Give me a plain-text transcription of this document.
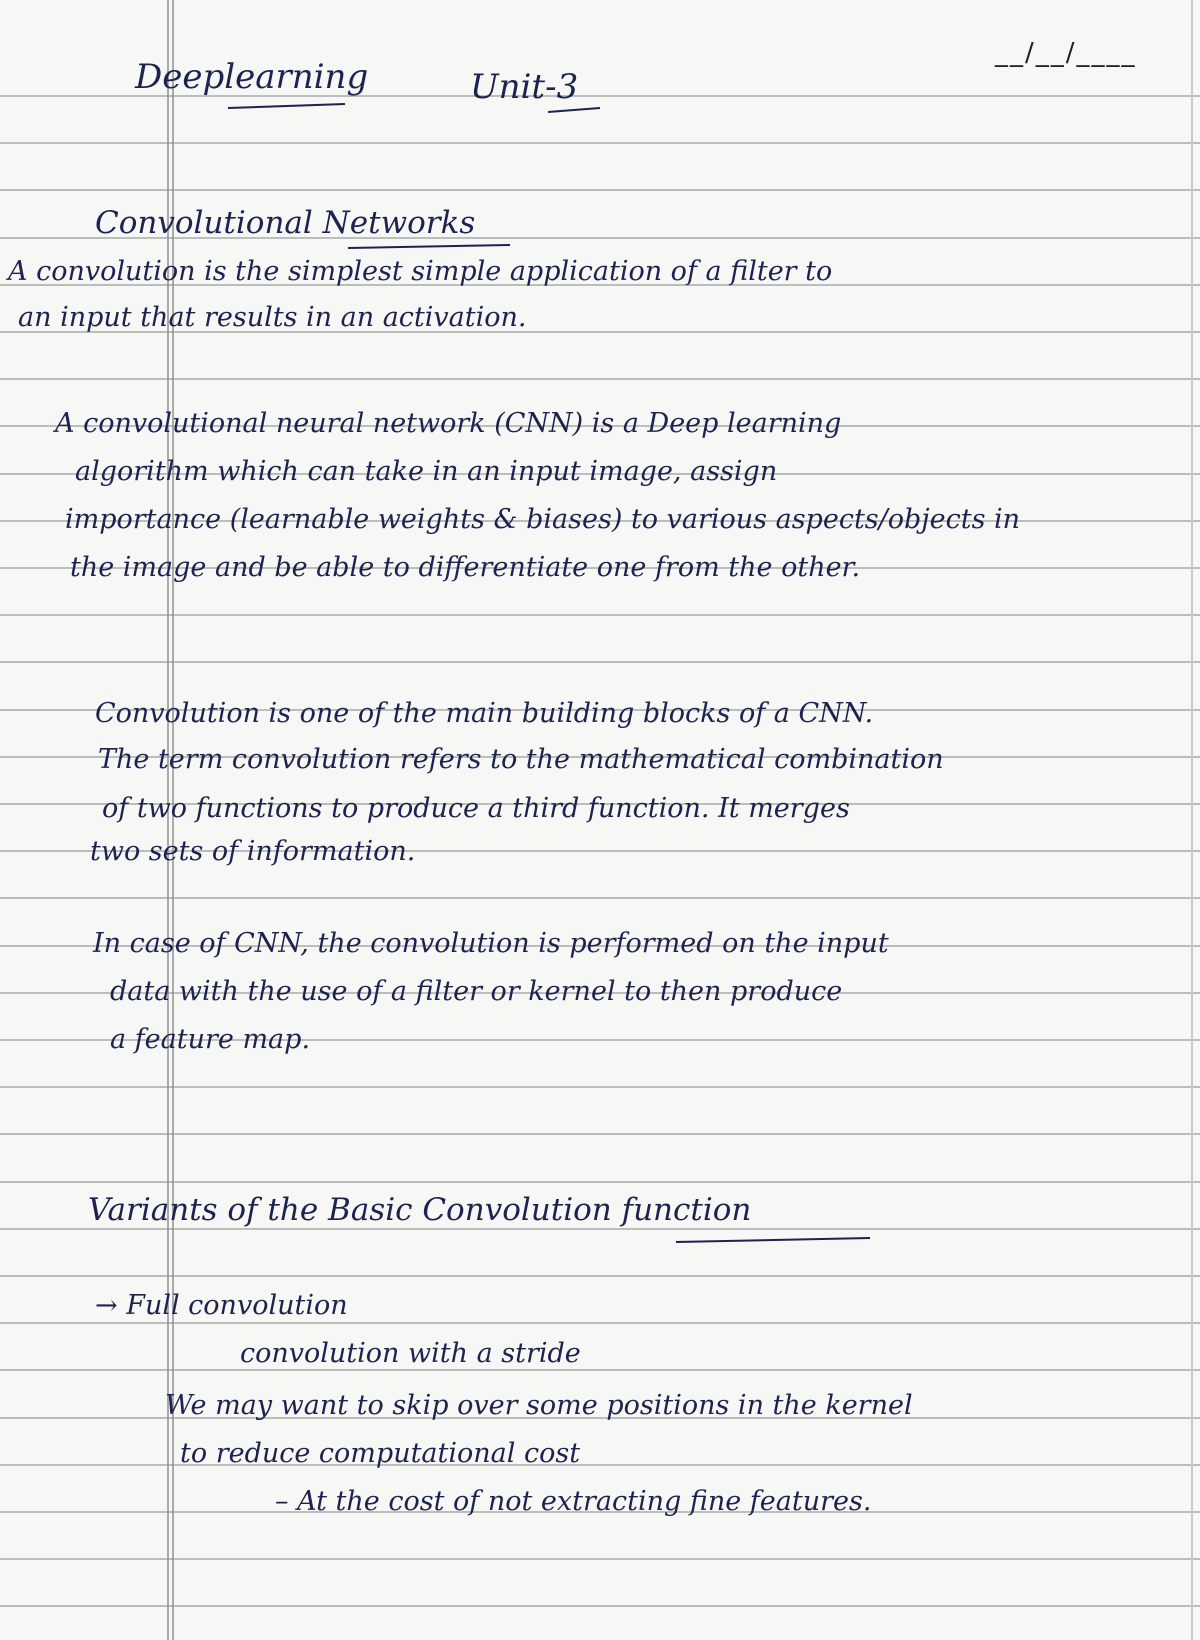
__/__/____
Deeplearning	Unit-3
Convolutional Networks
A convolution is the simplest simple application of a filter to
an input that results in an activation.
A convolutional neural network (CNN) is a Deep learning
algorithm which can take in an input image, assign
importance (learnable weights & biases) to various aspects/objects in
the image and be able to differentiate one from the other.
Convolution is one of the main building blocks of a CNN.
The term convolution refers to the mathematical combination
of two functions to produce a third function. It merges
two sets of information.
In case of CNN, the convolution is performed on the input
data with the use of a filter or kernel to then produce
a feature map.
Variants of the Basic Convolution function
→ Full convolution
convolution with a stride
We may want to skip over some positions in the kernel
to reduce computational cost
– At the cost of not extracting fine features.
